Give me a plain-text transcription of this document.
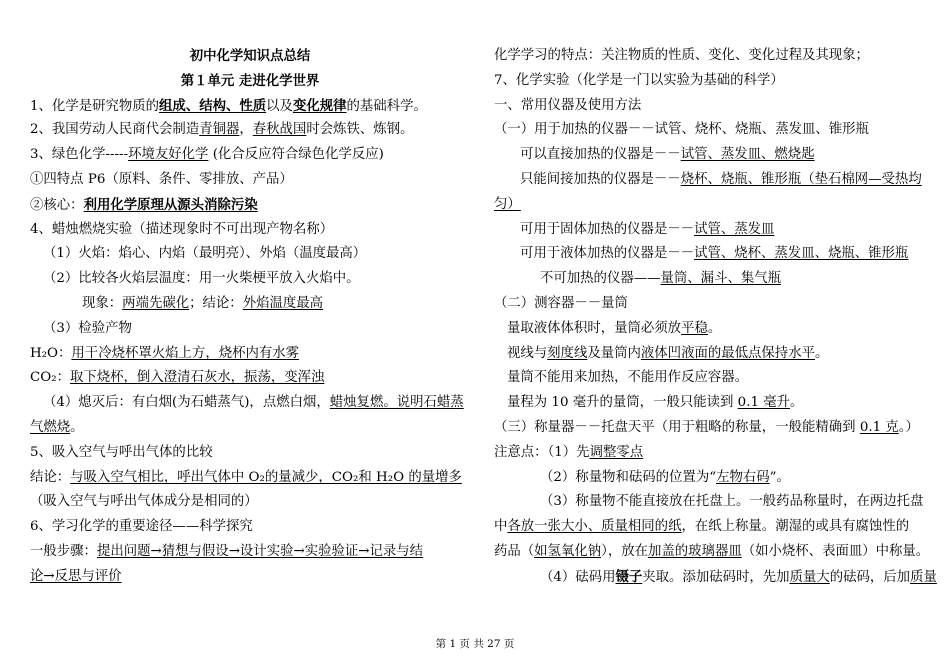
初中化学知识点总结
第１单元 走进化学世界
1、化学是研究物质的组成、结构、性质以及变化规律的基础科学。
2、我国劳动人民商代会制造青铜器，春秋战国时会炼铁、炼钢。
3、绿色化学-----环境友好化学 (化合反应符合绿色化学反应)
①四特点 P6（原料、条件、零排放、产品）
②核心：利用化学原理从源头消除污染
4、蜡烛燃烧实验（描述现象时不可出现产物名称）
（1）火焰：焰心、内焰（最明亮）、外焰（温度最高）
（2）比较各火焰层温度：用一火柴梗平放入火焰中。
现象：两端先碳化；结论：外焰温度最高
（3）检验产物
H₂O：用干冷烧杯罩火焰上方，烧杯内有水雾
CO₂：取下烧杯，倒入澄清石灰水，振荡，变浑浊
（4）熄灭后：有白烟(为石蜡蒸气)，点燃白烟，蜡烛复燃。说明石蜡蒸
气燃烧。
5、吸入空气与呼出气体的比较
结论：与吸入空气相比，呼出气体中 O₂的量减少，CO₂和 H₂O 的量增多
（吸入空气与呼出气体成分是相同的）
6、学习化学的重要途径——科学探究
一般步骤：提出问题→猜想与假设→设计实验→实验验证→记录与结
论→反思与评价
化学学习的特点：关注物质的性质、变化、变化过程及其现象；
7、化学实验（化学是一门以实验为基础的科学）
一、常用仪器及使用方法
（一）用于加热的仪器－－试管、烧杯、烧瓶、蒸发皿、锥形瓶
可以直接加热的仪器是－－试管、蒸发皿、燃烧匙
只能间接加热的仪器是－－烧杯、烧瓶、锥形瓶（垫石棉网—受热均
匀）
可用于固体加热的仪器是－－试管、蒸发皿
可用于液体加热的仪器是－－试管、烧杯、蒸发皿、烧瓶、锥形瓶
不可加热的仪器——量筒、漏斗、集气瓶
（二）测容器－－量筒
量取液体体积时，量筒必须放平稳。
视线与刻度线及量筒内液体凹液面的最低点保持水平。
量筒不能用来加热，不能用作反应容器。
量程为 10 毫升的量筒，一般只能读到 0.1 毫升。
（三）称量器－－托盘天平（用于粗略的称量，一般能精确到 0.1 克。）
注意点：（1）先调整零点
（2）称量物和砝码的位置为“左物右码”。
（3）称量物不能直接放在托盘上。一般药品称量时，在两边托盘
中各放一张大小、质量相同的纸，在纸上称量。潮湿的或具有腐蚀性的
药品（如氢氧化钠），放在加盖的玻璃器皿（如小烧杯、表面皿）中称量。
（4）砝码用镊子夹取。添加砝码时，先加质量大的砝码，后加质量
第 1 页 共 27 页
